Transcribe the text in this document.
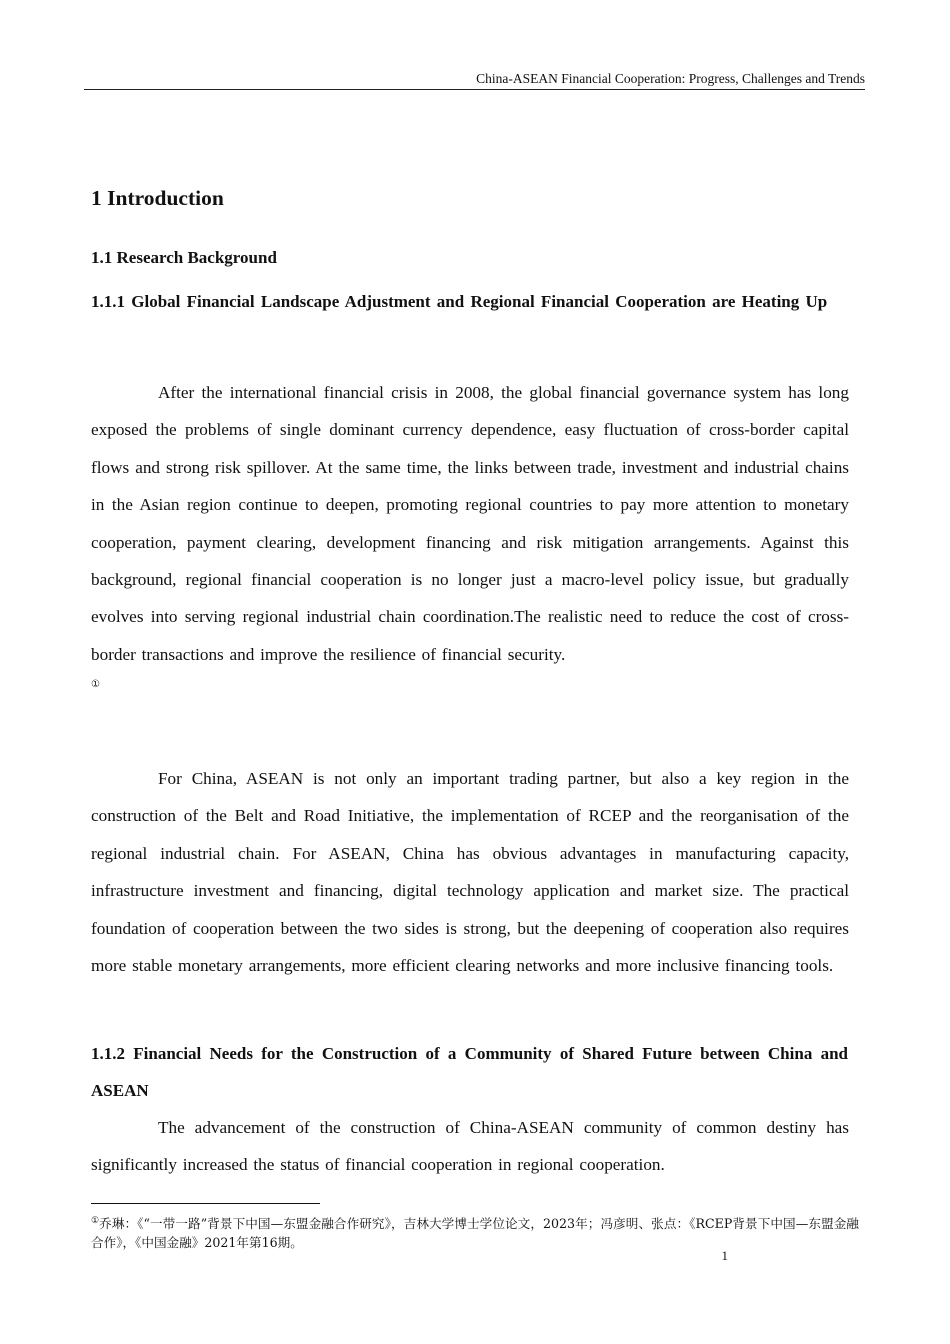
China-ASEAN Financial Cooperation: Progress, Challenges and Trends
1 Introduction
1.1 Research Background
1.1.1 Global Financial Landscape Adjustment and Regional Financial Cooperation are Heating Up

After the international financial crisis in 2008, the global financial governance system has long exposed the problems of single dominant currency dependence, easy fluctuation of cross-border capital flows and strong risk spillover. At the same time, the links between trade, investment and industrial chains in the Asian region continue to deepen, promoting regional countries to pay more attention to monetary cooperation, payment clearing, development financing and risk mitigation arrangements. Against this background, regional financial cooperation is no longer just a macro-level policy issue, but gradually evolves into serving regional industrial chain coordination.The realistic need to reduce the cost of cross-border transactions and improve the resilience of financial security.
①

For China, ASEAN is not only an important trading partner, but also a key region in the construction of the Belt and Road Initiative, the implementation of RCEP and the reorganisation of the regional industrial chain. For ASEAN, China has obvious advantages in manufacturing capacity, infrastructure investment and financing, digital technology application and market size. The practical foundation of cooperation between the two sides is strong, but the deepening of cooperation also requires more stable monetary arrangements, more efficient clearing networks and more inclusive financing tools.

1.1.2 Financial Needs for the Construction of a Community of Shared Future between China and ASEAN

The advancement of the construction of China-ASEAN community of common destiny has significantly increased the status of financial cooperation in regional cooperation.

①乔琳：《“一带一路”背景下中国—东盟金融合作研究》，吉林大学博士学位论文，2023年；冯彦明、张点：《RCEP背景下中国—东盟金融合作》，《中国金融》2021年第16期。

1
